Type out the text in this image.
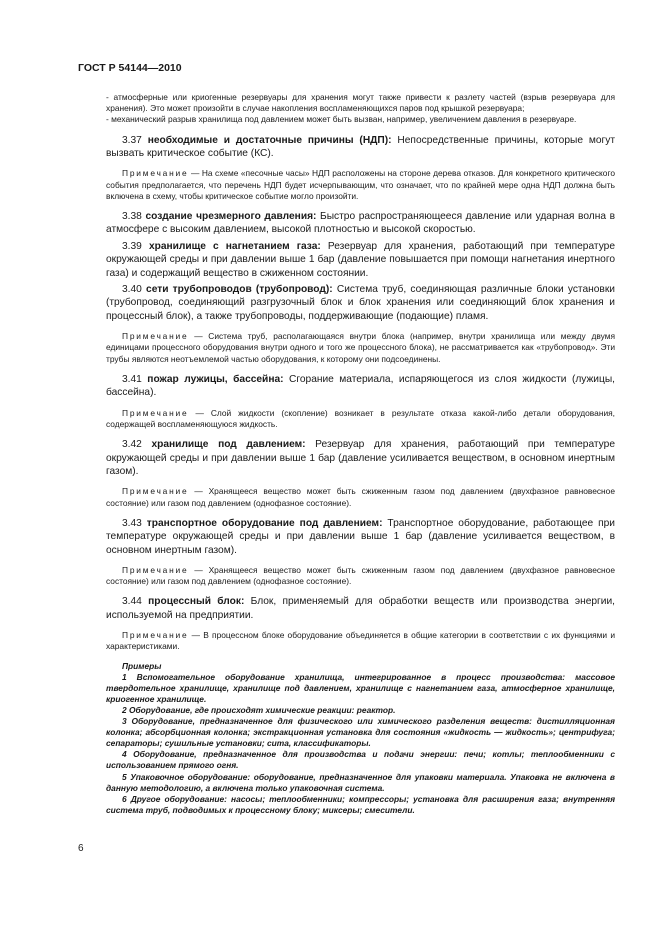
ГОСТ Р 54144—2010

- атмосферные или криогенные резервуары для хранения могут также привести к разлету частей (взрыв резервуара для хранения). Это может произойти в случае накопления воспламеняющихся паров под крышкой резервуара;

- механический разрыв хранилища под давлением может быть вызван, например, увеличением давления в резервуаре.

3.37 необходимые и достаточные причины (НДП): Непосредственные причины, которые могут вызвать критическое событие (КС).

Примечание — На схеме «песочные часы» НДП расположены на стороне дерева отказов. Для конкретного критического события предполагается, что перечень НДП будет исчерпывающим, что означает, что по крайней мере одна НДП должна быть включена в схему, чтобы критическое событие могло произойти.

3.38 создание чрезмерного давления: Быстро распространяющееся давление или ударная волна в атмосфере с высоким давлением, высокой плотностью и высокой скоростью.

3.39 хранилище с нагнетанием газа: Резервуар для хранения, работающий при температуре окружающей среды и при давлении выше 1 бар (давление повышается при помощи нагнетания инертного газа) и содержащий вещество в сжиженном состоянии.

3.40 сети трубопроводов (трубопровод): Система труб, соединяющая различные блоки установки (трубопровод, соединяющий разгрузочный блок и блок хранения или соединяющий блок хранения и процессный блок), а также трубопроводы, поддерживающие (подающие) пламя.

Примечание — Система труб, располагающаяся внутри блока (например, внутри хранилища или между двумя единицами процессного оборудования внутри одного и того же процессного блока), не рассматривается как «трубопровод». Эти трубы являются неотъемлемой частью оборудования, к которому они подсоединены.

3.41 пожар лужицы, бассейна: Сгорание материала, испаряющегося из слоя жидкости (лужицы, бассейна).

Примечание — Слой жидкости (скопление) возникает в результате отказа какой-либо детали оборудования, содержащей воспламеняющуюся жидкость.

3.42 хранилище под давлением: Резервуар для хранения, работающий при температуре окружающей среды и при давлении выше 1 бар (давление усиливается веществом, в основном инертным газом).

Примечание — Хранящееся вещество может быть сжиженным газом под давлением (двухфазное равновесное состояние) или газом под давлением (однофазное состояние).

3.43 транспортное оборудование под давлением: Транспортное оборудование, работающее при температуре окружающей среды и при давлении выше 1 бар (давление усиливается веществом, в основном инертным газом).

Примечание — Хранящееся вещество может быть сжиженным газом под давлением (двухфазное равновесное состояние) или газом под давлением (однофазное состояние).

3.44 процессный блок: Блок, применяемый для обработки веществ или производства энергии, используемой на предприятии.

Примечание — В процессном блоке оборудование объединяется в общие категории в соответствии с их функциями и характеристиками.

Примеры

1 Вспомогательное оборудование хранилища, интегрированное в процесс производства: массовое твердотельное хранилище, хранилище под давлением, хранилище с нагнетанием газа, атмосферное хранилище, криогенное хранилище.

2 Оборудование, где происходят химические реакции: реактор.

3 Оборудование, предназначенное для физического или химического разделения веществ: дистилляционная колонка; абсорбционная колонка; экстракционная установка для состояния «жидкость — жидкость»; центрифуга; сепараторы; сушильные установки; сита, классификаторы.

4 Оборудование, предназначенное для производства и подачи энергии: печи; котлы; теплообменники с использованием прямого огня.

5 Упаковочное оборудование: оборудование, предназначенное для упаковки материала. Упаковка не включена в данную методологию, а включена только упаковочная система.

6 Другое оборудование: насосы; теплообменники; компрессоры; установка для расширения газа; внутренняя система труб, подводимых к процессному блоку; миксеры; смесители.

6
